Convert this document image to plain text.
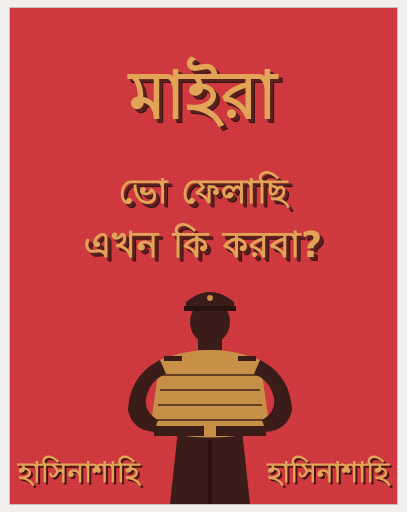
মাইরা
ভো ফেলাছি
এখন কি করবা?
হাসিনাশাহি	হাসিনাশাহি
